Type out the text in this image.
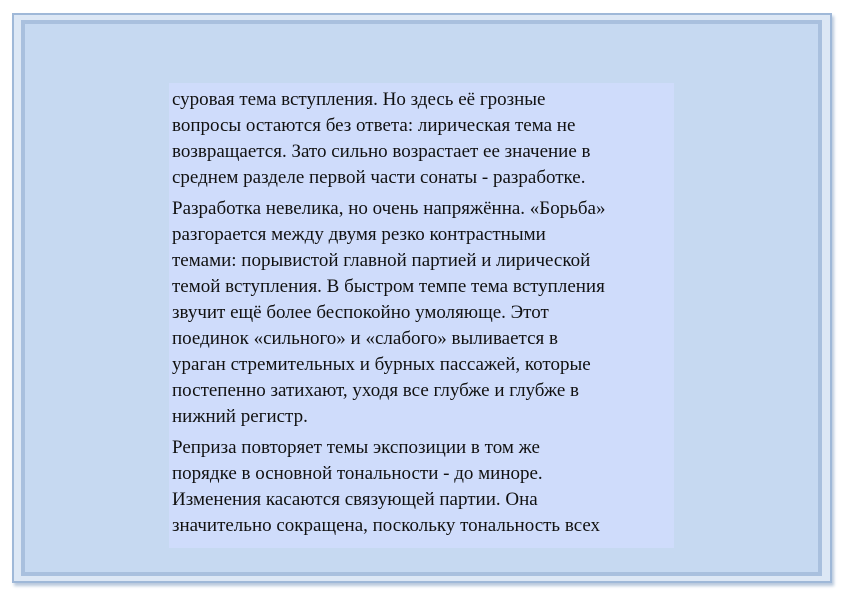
суровая тема вступления. Но здесь её грозные
вопросы остаются без ответа: лирическая тема не
возвращается. Зато сильно возрастает ее значение в
среднем разделе первой части сонаты - разработке.

Разработка невелика, но очень напряжённа. «Борьба»
разгорается между двумя резко контрастными
темами: порывистой главной партией и лирической
темой вступления. В быстром темпе тема вступления
звучит ещё более беспокойно умоляюще. Этот
поединок «сильного» и «слабого» выливается в
ураган стремительных и бурных пассажей, которые
постепенно затихают, уходя все глубже и глубже в
нижний регистр.

Реприза повторяет темы экспозиции в том же
порядке в основной тональности - до миноре.
Изменения касаются связующей партии. Она
значительно сокращена, поскольку тональность всех
